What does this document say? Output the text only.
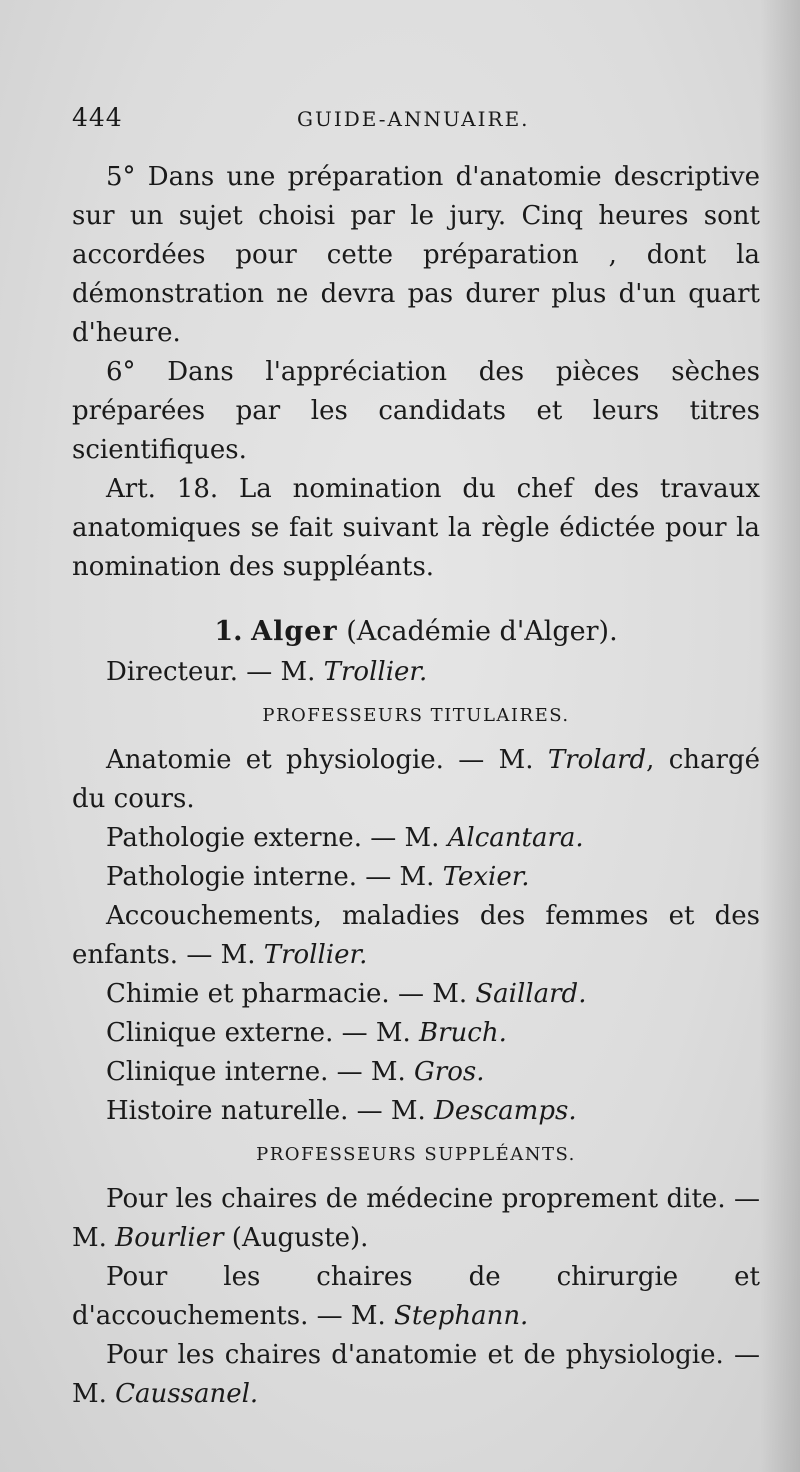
444	GUIDE-ANNUAIRE.

5° Dans une préparation d'anatomie descriptive sur un sujet choisi par le jury. Cinq heures sont accordées pour cette préparation , dont la démonstration ne devra pas durer plus d'un quart d'heure.

6° Dans l'appréciation des pièces sèches préparées par les candidats et leurs titres scientifiques.

Art. 18. La nomination du chef des travaux anatomiques se fait suivant la règle édictée pour la nomination des suppléants.

1. Alger (Académie d'Alger).

Directeur. — M. Trollier.

PROFESSEURS TITULAIRES.

Anatomie et physiologie. — M. Trolard, chargé du cours.

Pathologie externe. — M. Alcantara.

Pathologie interne. — M. Texier.

Accouchements, maladies des femmes et des enfants. — M. Trollier.

Chimie et pharmacie. — M. Saillard.

Clinique externe. — M. Bruch.

Clinique interne. — M. Gros.

Histoire naturelle. — M. Descamps.

PROFESSEURS SUPPLÉANTS.

Pour les chaires de médecine proprement dite. — M. Bourlier (Auguste).

Pour les chaires de chirurgie et d'accouchements. — M. Stephann.

Pour les chaires d'anatomie et de physiologie. — M. Caussanel.
